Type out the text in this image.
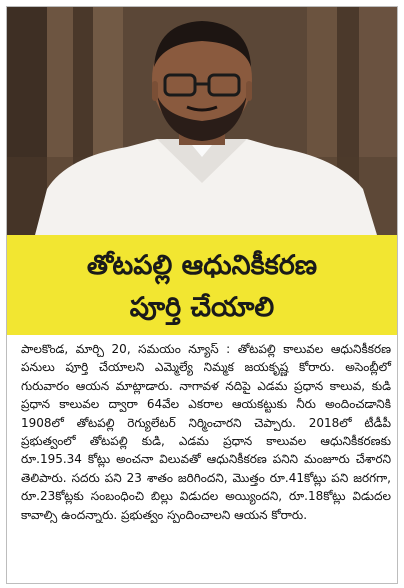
తోటపల్లి ఆధునికీకరణ
పూర్తి చేయాలి

పాలకొండ, మార్చి 20, సమయం న్యూస్ : తోటపల్లి కాలువల ఆధునికీకరణ పనులు పూర్తి చేయాలని ఎమ్మెల్యే నిమ్మక జయకృష్ణ కోరారు. అసెంబ్లీలో గురువారం ఆయన మాట్లాడారు. నాగావళ నదిపై ఎడమ ప్రధాన కాలువ, కుడి ప్రధాన కాలువల ద్వారా 64వేల ఎకరాల ఆయకట్టుకు నీరు అందించడానికి 1908లో తోటపల్లి రెగ్యులేటర్ నిర్మించారని చెప్పారు. 2018లో టీడీపీ ప్రభుత్వంలో తోటపల్లి కుడి, ఎడమ ప్రధాన కాలువల ఆధునికీకరణకు రూ.195.34 కోట్లు అంచనా విలువతో ఆధునికీకరణ పనిని మంజూరు చేశారని తెలిపారు. సదరు పని 23 శాతం జరిగిందని, మొత్తం రూ.41కోట్లు పని జరగగా, రూ.23కోట్లకు సంబంధించి బిల్లు విడుదల అయ్యిందని, రూ.18కోట్లు విడుదల కావాల్సి ఉందన్నారు. ప్రభుత్వం స్పందించాలని ఆయన కోరారు.
